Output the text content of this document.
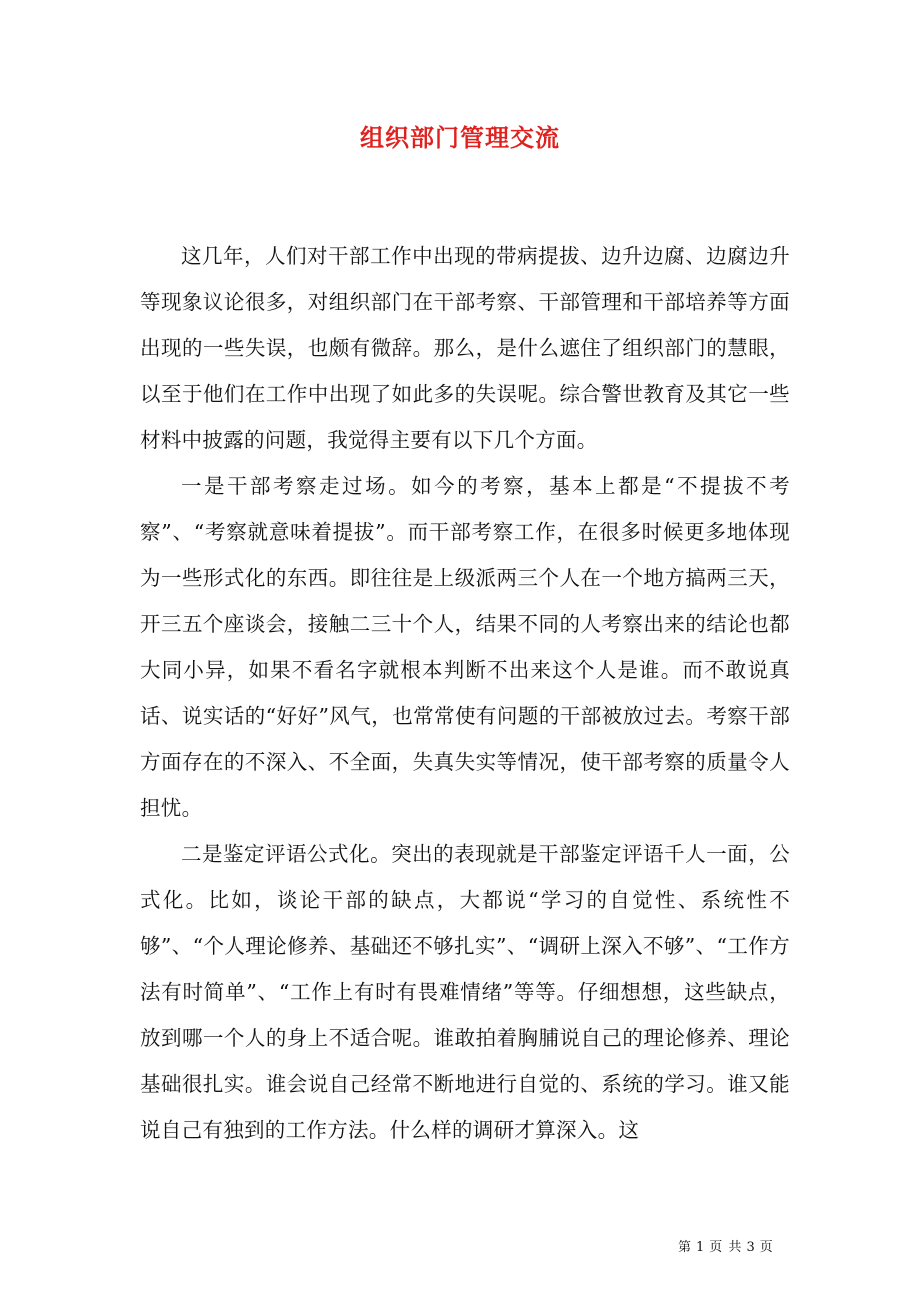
组织部门管理交流

这几年，人们对干部工作中出现的带病提拔、边升边腐、边腐边升等现象议论很多，对组织部门在干部考察、干部管理和干部培养等方面出现的一些失误，也颇有微辞。那么，是什么遮住了组织部门的慧眼，以至于他们在工作中出现了如此多的失误呢。综合警世教育及其它一些材料中披露的问题，我觉得主要有以下几个方面。

一是干部考察走过场。如今的考察，基本上都是“不提拔不考察”、“考察就意味着提拔”。而干部考察工作，在很多时候更多地体现为一些形式化的东西。即往往是上级派两三个人在一个地方搞两三天，开三五个座谈会，接触二三十个人，结果不同的人考察出来的结论也都大同小异，如果不看名字就根本判断不出来这个人是谁。而不敢说真话、说实话的“好好”风气，也常常使有问题的干部被放过去。考察干部方面存在的不深入、不全面，失真失实等情况，使干部考察的质量令人担忧。

二是鉴定评语公式化。突出的表现就是干部鉴定评语千人一面，公式化。比如，谈论干部的缺点，大都说“学习的自觉性、系统性不够”、“个人理论修养、基础还不够扎实”、“调研上深入不够”、“工作方法有时简单”、“工作上有时有畏难情绪”等等。仔细想想，这些缺点，放到哪一个人的身上不适合呢。谁敢拍着胸脯说自己的理论修养、理论基础很扎实。谁会说自己经常不断地进行自觉的、系统的学习。谁又能说自己有独到的工作方法。什么样的调研才算深入。这

第 1 页 共 3 页
